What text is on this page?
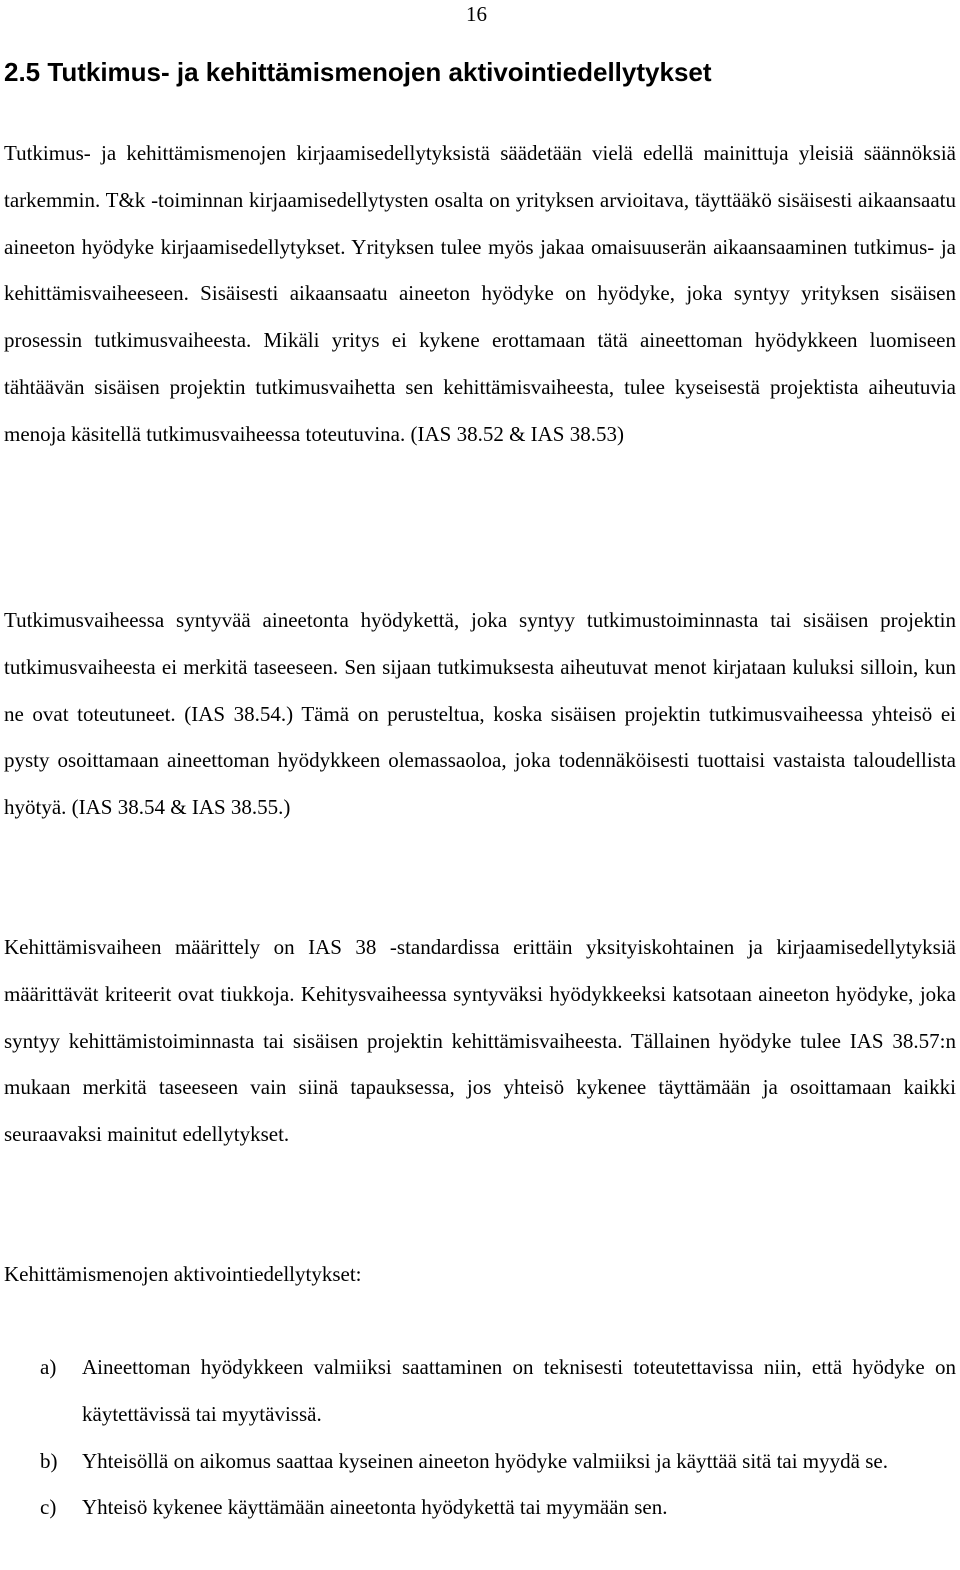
16
2.5 Tutkimus- ja kehittämismenojen aktivointiedellytykset

Tutkimus- ja kehittämismenojen kirjaamisedellytyksistä säädetään vielä edellä mainittuja yleisiä säännöksiä tarkemmin. T&k -toiminnan kirjaamisedellytysten osalta on yrityksen arvioitava, täyttääkö sisäisesti aikaansaatu aineeton hyödyke kirjaamisedellytykset. Yrityksen tulee myös jakaa omaisuuserän aikaansaaminen tutkimus- ja kehittämisvaiheeseen. Sisäisesti aikaansaatu aineeton hyödyke on hyödyke, joka syntyy yrityksen sisäisen prosessin tutkimusvaiheesta. Mikäli yritys ei kykene erottamaan tätä aineettoman hyödykkeen luomiseen tähtäävän sisäisen projektin tutkimusvaihetta sen kehittämisvaiheesta, tulee kyseisestä projektista aiheutuvia menoja käsitellä tutkimusvaiheessa toteutuvina. (IAS 38.52 & IAS 38.53)

Tutkimusvaiheessa syntyvää aineetonta hyödykettä, joka syntyy tutkimustoiminnasta tai sisäisen projektin tutkimusvaiheesta ei merkitä taseeseen. Sen sijaan tutkimuksesta aiheutuvat menot kirjataan kuluksi silloin, kun ne ovat toteutuneet. (IAS 38.54.) Tämä on perusteltua, koska sisäisen projektin tutkimusvaiheessa yhteisö ei pysty osoittamaan aineettoman hyödykkeen olemassaoloa, joka todennäköisesti tuottaisi vastaista taloudellista hyötyä. (IAS 38.54 & IAS 38.55.)

Kehittämisvaiheen määrittely on IAS 38 -standardissa erittäin yksityiskohtainen ja kirjaamisedellytyksiä määrittävät kriteerit ovat tiukkoja. Kehitysvaiheessa syntyväksi hyödykkeeksi katsotaan aineeton hyödyke, joka syntyy kehittämistoiminnasta tai sisäisen projektin kehittämisvaiheesta. Tällainen hyödyke tulee IAS 38.57:n mukaan merkitä taseeseen vain siinä tapauksessa, jos yhteisö kykenee täyttämään ja osoittamaan kaikki seuraavaksi mainitut edellytykset.

Kehittämismenojen aktivointiedellytykset:

a)	Aineettoman hyödykkeen valmiiksi saattaminen on teknisesti toteutettavissa niin, että hyödyke on käytettävissä tai myytävissä.
b)	Yhteisöllä on aikomus saattaa kyseinen aineeton hyödyke valmiiksi ja käyttää sitä tai myydä se.
c)	Yhteisö kykenee käyttämään aineetonta hyödykettä tai myymään sen.
